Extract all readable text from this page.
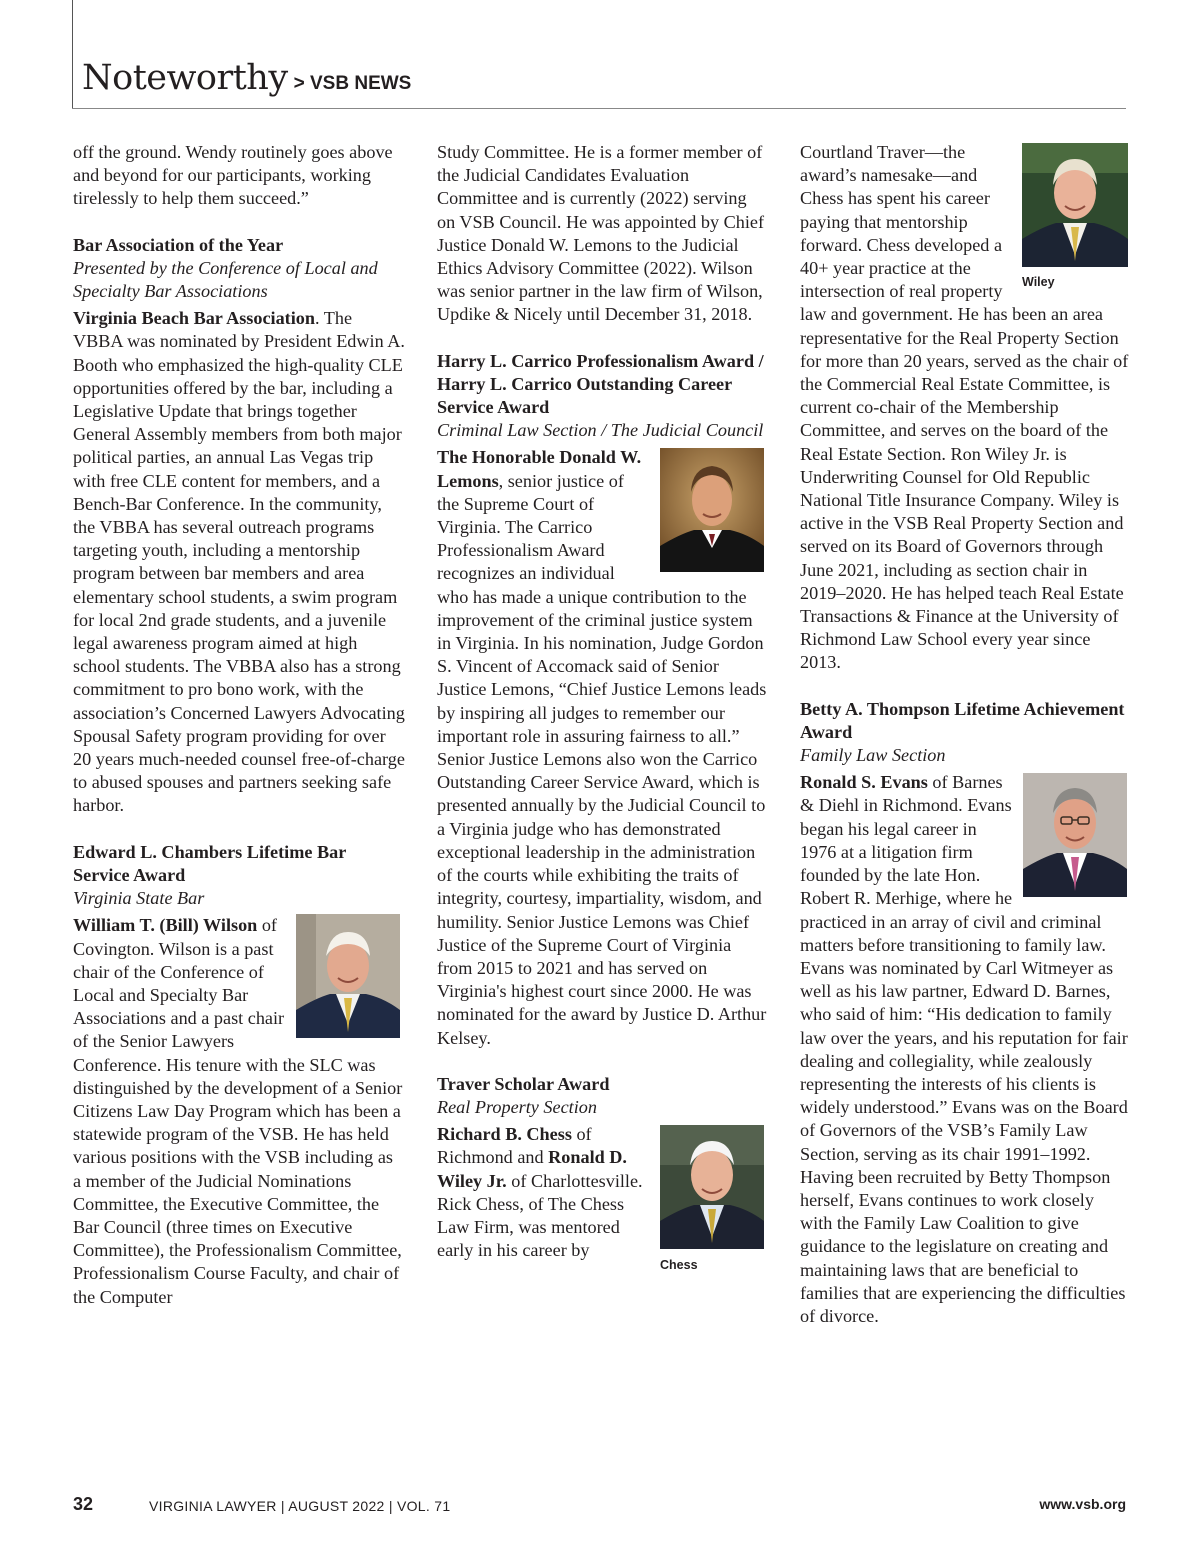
Noteworthy > VSB NEWS

off the ground. Wendy routinely goes above and beyond for our participants, working tirelessly to help them succeed.”

Bar Association of the Year

Presented by the Conference of Local and Specialty Bar Associations

Virginia Beach Bar Association. The VBBA was nominated by President Edwin A. Booth who emphasized the high-quality CLE opportunities offered by the bar, including a Legislative Update that brings together General Assembly members from both major political parties, an annual Las Vegas trip with free CLE content for members, and a Bench-Bar Conference. In the community, the VBBA has several outreach programs targeting youth, including a mentorship program between bar members and area elementary school students, a swim program for local 2nd grade students, and a juvenile legal awareness program aimed at high school students. The VBBA also has a strong commitment to pro bono work, with the association’s Concerned Lawyers Advocating Spousal Safety program providing for over 20 years much-needed counsel free-of-charge to abused spouses and partners seeking safe harbor.

Edward L. Chambers Lifetime Bar Service Award

Virginia State Bar

William T. (Bill) Wilson of Covington. Wilson is a past chair of the Conference of Local and Specialty Bar Associations and a past chair of the Senior Lawyers Conference. His tenure with the SLC was distinguished by the development of a Senior Citizens Law Day Program which has been a statewide program of the VSB. He has held various positions with the VSB including as a member of the Judicial Nominations Committee, the Executive Committee, the Bar Council (three times on Executive Committee), the Professionalism Committee, Professionalism Course Faculty, and chair of the Computer

Study Committee. He is a former member of the Judicial Candidates Evaluation Committee and is currently (2022) serving on VSB Council. He was appointed by Chief Justice Donald W. Lemons to the Judicial Ethics Advisory Committee (2022). Wilson was senior partner in the law firm of Wilson, Updike & Nicely until December 31, 2018.

Harry L. Carrico Professionalism Award / Harry L. Carrico Outstanding Career Service Award

Criminal Law Section / The Judicial Council

The Honorable Donald W. Lemons, senior justice of the Supreme Court of Virginia. The Carrico Professionalism Award recognizes an individual who has made a unique contribution to the improvement of the criminal justice system in Virginia. In his nomination, Judge Gordon S. Vincent of Accomack said of Senior Justice Lemons, “Chief Justice Lemons leads by inspiring all judges to remember our important role in assuring fairness to all.” Senior Justice Lemons also won the Carrico Outstanding Career Service Award, which is presented annually by the Judicial Council to a Virginia judge who has demonstrated exceptional leadership in the administration of the courts while exhibiting the traits of integrity, courtesy, impartiality, wisdom, and humility. Senior Justice Lemons was Chief Justice of the Supreme Court of Virginia from 2015 to 2021 and has served on Virginia's highest court since 2000. He was nominated for the award by Justice D. Arthur Kelsey.

Traver Scholar Award

Real Property Section

Chess

Richard B. Chess of Richmond and Ronald D. Wiley Jr. of Charlottesville. Rick Chess, of The Chess Law Firm, was mentored early in his career by

Wiley

Courtland Traver—the award’s namesake—and Chess has spent his career paying that mentorship forward. Chess developed a 40+ year practice at the intersection of real property law and government. He has been an area representative for the Real Property Section for more than 20 years, served as the chair of the Commercial Real Estate Committee, is current co-chair of the Membership Committee, and serves on the board of the Real Estate Section. Ron Wiley Jr. is Underwriting Counsel for Old Republic National Title Insurance Company. Wiley is active in the VSB Real Property Section and served on its Board of Governors through June 2021, including as section chair in 2019–2020. He has helped teach Real Estate Transactions & Finance at the University of Richmond Law School every year since 2013.

Betty A. Thompson Lifetime Achievement Award

Family Law Section

Ronald S. Evans of Barnes & Diehl in Richmond. Evans began his legal career in 1976 at a litigation firm founded by the late Hon. Robert R. Merhige, where he practiced in an array of civil and criminal matters before transitioning to family law. Evans was nominated by Carl Witmeyer as well as his law partner, Edward D. Barnes, who said of him: “His dedication to family law over the years, and his reputation for fair dealing and collegiality, while zealously representing the interests of his clients is widely understood.” Evans was on the Board of Governors of the VSB’s Family Law Section, serving as its chair 1991–1992. Having been recruited by Betty Thompson herself, Evans continues to work closely with the Family Law Coalition to give guidance to the legislature on creating and maintaining laws that are beneficial to families that are experiencing the difficulties of divorce.

32	VIRGINIA LAWYER | AUGUST 2022 | VOL. 71	www.vsb.org
